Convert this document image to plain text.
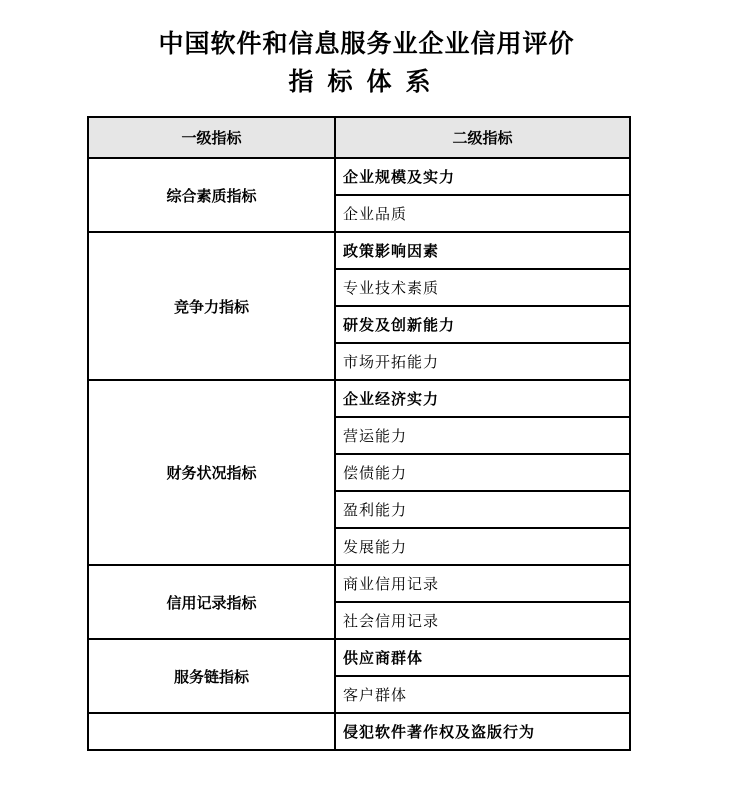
中国软件和信息服务业企业信用评价
指标体系
一级指标	二级指标
综合素质指标	企业规模及实力
	企业品质
竞争力指标	政策影响因素
	专业技术素质
	研发及创新能力
	市场开拓能力
财务状况指标	企业经济实力
	营运能力
	偿债能力
	盈利能力
	发展能力
信用记录指标	商业信用记录
	社会信用记录
服务链指标	供应商群体
	客户群体
	侵犯软件著作权及盗版行为
